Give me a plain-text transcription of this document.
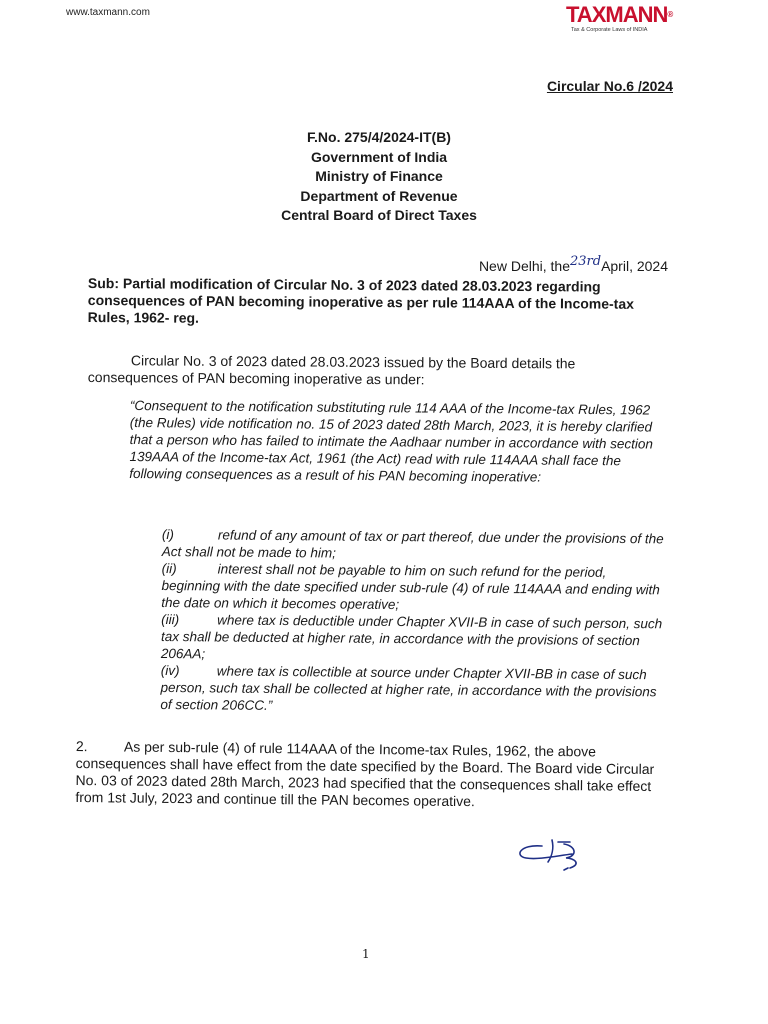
www.taxmann.com	TAXMANN®
Tax & Corporate Laws of INDIA
Circular No.6 /2024
F.No. 275/4/2024-IT(B)
Government of India
Ministry of Finance
Department of Revenue
Central Board of Direct Taxes
New Delhi, the23rdApril, 2024
Sub: Partial modification of Circular No. 3 of 2023 dated 28.03.2023 regarding consequences of PAN becoming inoperative as per rule 114AAA of the Income-tax Rules, 1962- reg.
Circular No. 3 of 2023 dated 28.03.2023 issued by the Board details the consequences of PAN becoming inoperative as under:
“Consequent to the notification substituting rule 114 AAA of the Income-tax Rules, 1962 (the Rules) vide notification no. 15 of 2023 dated 28th March, 2023, it is hereby clarified that a person who has failed to intimate the Aadhaar number in accordance with section 139AAA of the Income-tax Act, 1961 (the Act) read with rule 114AAA shall face the following consequences as a result of his PAN becoming inoperative:
(i)	refund of any amount of tax or part thereof, due under the provisions of the Act shall not be made to him;
(ii)	interest shall not be payable to him on such refund for the period, beginning with the date specified under sub-rule (4) of rule 114AAA and ending with the date on which it becomes operative;
(iii)	where tax is deductible under Chapter XVII-B in case of such person, such tax shall be deducted at higher rate, in accordance with the provisions of section 206AA;
(iv)	where tax is collectible at source under Chapter XVII-BB in case of such person, such tax shall be collected at higher rate, in accordance with the provisions of section 206CC.”
2.	As per sub-rule (4) of rule 114AAA of the Income-tax Rules, 1962, the above consequences shall have effect from the date specified by the Board. The Board vide Circular No. 03 of 2023 dated 28th March, 2023 had specified that the consequences shall take effect from 1st July, 2023 and continue till the PAN becomes operative.
1
